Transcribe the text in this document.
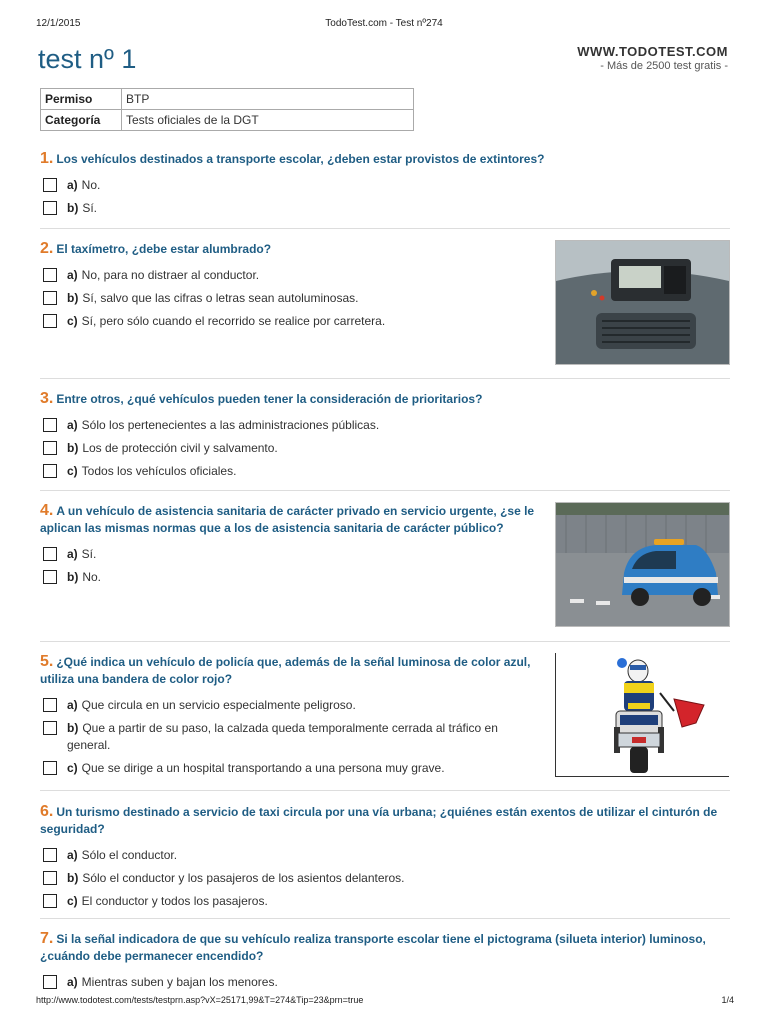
12/1/2015	TodoTest.com - Test nº274
test nº 1	WWW.TODOTEST.COM
- Más de 2500 test gratis -
Permiso	BTP
Categoría	Tests oficiales de la DGT
1. Los vehículos destinados a transporte escolar, ¿deben estar provistos de extintores?
a) No.
b) Sí.
2. El taxímetro, ¿debe estar alumbrado?
a) No, para no distraer al conductor.
b) Sí, salvo que las cifras o letras sean autoluminosas.
c) Sí, pero sólo cuando el recorrido se realice por carretera.
3. Entre otros, ¿qué vehículos pueden tener la consideración de prioritarios?
a) Sólo los pertenecientes a las administraciones públicas.
b) Los de protección civil y salvamento.
c) Todos los vehículos oficiales.
4. A un vehículo de asistencia sanitaria de carácter privado en servicio urgente, ¿se le aplican las mismas normas que a los de asistencia sanitaria de carácter público?
a) Sí.
b) No.
5. ¿Qué indica un vehículo de policía que, además de la señal luminosa de color azul, utiliza una bandera de color rojo?
a) Que circula en un servicio especialmente peligroso.
b) Que a partir de su paso, la calzada queda temporalmente cerrada al tráfico en general.
c) Que se dirige a un hospital transportando a una persona muy grave.
6. Un turismo destinado a servicio de taxi circula por una vía urbana; ¿quiénes están exentos de utilizar el cinturón de seguridad?
a) Sólo el conductor.
b) Sólo el conductor y los pasajeros de los asientos delanteros.
c) El conductor y todos los pasajeros.
7. Si la señal indicadora de que su vehículo realiza transporte escolar tiene el pictograma (silueta interior) luminoso, ¿cuándo debe permanecer encendido?
a) Mientras suben y bajan los menores.
http://www.todotest.com/tests/testprn.asp?vX=25171,99&T=274&Tip=23&prn=true	1/4
